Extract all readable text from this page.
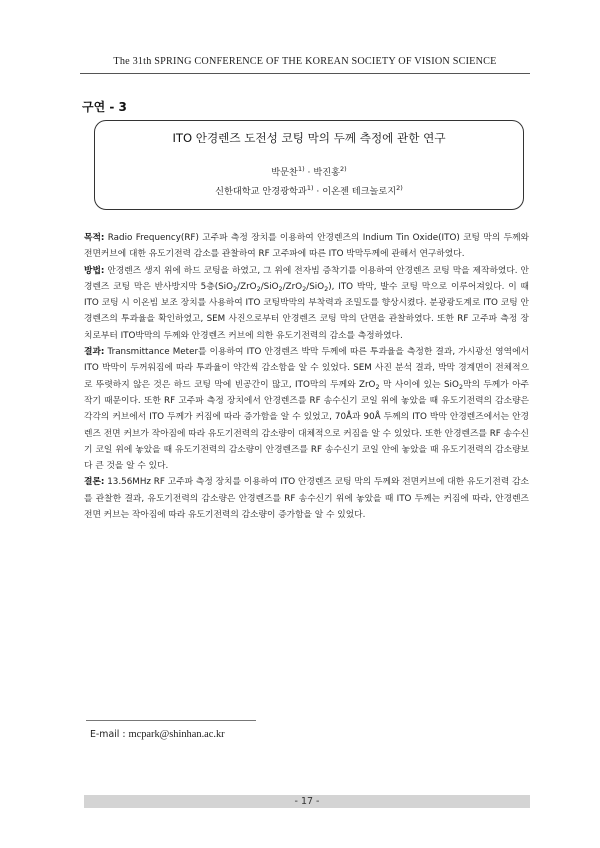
The 31th SPRING CONFERENCE OF THE KOREAN SOCIETY OF VISION SCIENCE
구연 - 3
ITO 안경렌즈 도전성 코팅 막의 두께 측정에 관한 연구
박문찬$^{1)}$ · 박진홍$^{2)}$
신한대학교 안경광학과$^{1)}$ · 이온젠 테크놀로지$^{2)}$

목적: Radio Frequency(RF) 고주파 측정 장치를 이용하여 안경렌즈의 Indium Tin Oxide(ITO) 코팅 막의 두께와 전면커브에 대한 유도기전력 감소를 관찰하여 RF 고주파에 따른 ITO 박막두께에 관해서 연구하였다.

방법: 안경렌즈 생지 위에 하드 코팅을 하였고, 그 위에 전자빔 증착기를 이용하여 안경렌즈 코팅 막을 제작하였다. 안경렌즈 코팅 막은 반사방지막 5층(SiO$_2$/ZrO$_2$/SiO$_2$/ZrO$_2$/SiO$_2$), ITO 박막, 발수 코팅 막으로 이루어져있다. 이 때 ITO 코팅 시 이온빔 보조 장치를 사용하여 ITO 코팅박막의 부착력과 조밀도를 향상시켰다. 분광광도계로 ITO 코팅 안경렌즈의 투과율을 확인하였고, SEM 사진으로부터 안경렌즈 코팅 막의 단면을 관찰하였다. 또한 RF 고주파 측정 장치로부터 ITO박막의 두께와 안경렌즈 커브에 의한 유도기전력의 감소를 측정하였다.

결과: Transmittance Meter를 이용하여 ITO 안경렌즈 박막 두께에 따른 투과율을 측정한 결과, 가시광선 영역에서 ITO 박막이 두꺼워짐에 따라 투과율이 약간씩 감소함을 알 수 있었다. SEM 사진 분석 결과, 박막 경계면이 전체적으로 뚜렷하지 않은 것은 하드 코팅 막에 빈공간이 많고, ITO막의 두께와 ZrO$_2$ 막 사이에 있는 SiO$_2$막의 두께가 아주 작기 때문이다. 또한 RF 고주파 측정 장치에서 안경렌즈를 RF 송수신기 코일 위에 놓았을 때 유도기전력의 감소량은 각각의 커브에서 ITO 두께가 커짐에 따라 증가함을 알 수 있었고, 70Å과 90Å 두께의 ITO 박막 안경렌즈에서는 안경렌즈 전면 커브가 작아짐에 따라 유도기전력의 감소량이 대체적으로 커짐을 알 수 있었다. 또한 안경렌즈를 RF 송수신기 코일 위에 놓았을 때 유도기전력의 감소량이 안경렌즈를 RF 송수신기 코일 안에 놓았을 때 유도기전력의 감소량보다 큰 것을 알 수 있다.

결론: 13.56MHz RF 고주파 측정 장치를 이용하여 ITO 안경렌즈 코팅 막의 두께와 전면커브에 대한 유도기전력 감소를 관찰한 결과, 유도기전력의 감소량은 안경렌즈를 RF 송수신기 위에 놓았을 때 ITO 두께는 커짐에 따라, 안경렌즈 전면 커브는 작아짐에 따라 유도기전력의 감소량이 증가함을 알 수 있었다.

E-mail : mcpark@shinhan.ac.kr
- 17 -
